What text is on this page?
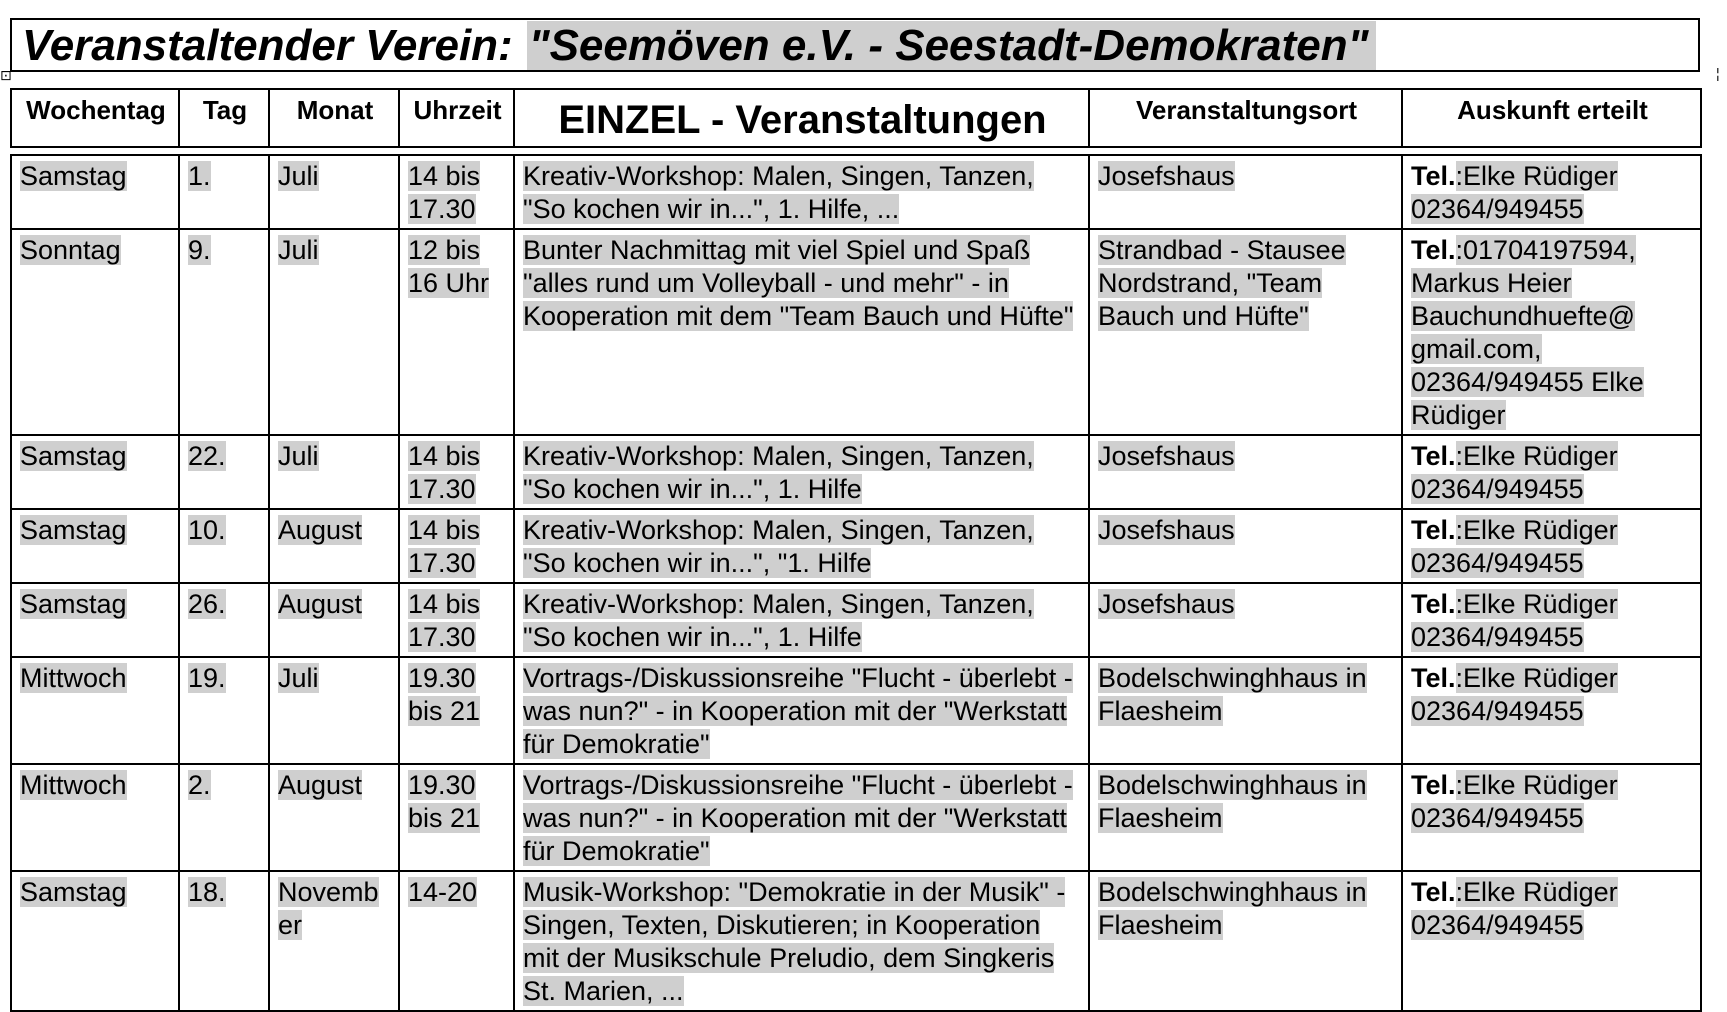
⊡	¦
Veranstaltender Verein: "Seemöven e.V. - Seestadt-Demokraten"
Wochentag	Tag	Monat	Uhrzeit	EINZEL - Veranstaltungen	Veranstaltungsort	Auskunft erteilt

Samstag	1.	Juli	14 bis 17.30	Kreativ-Workshop: Malen, Singen, Tanzen, "So kochen wir in...", 1. Hilfe, ...	Josefshaus	Tel.:Elke Rüdiger 02364/949455
Sonntag	9.	Juli	12 bis 16 Uhr	Bunter Nachmittag mit viel Spiel und Spaß "alles rund um Volleyball - und mehr" - in Kooperation mit dem "Team Bauch und Hüfte"	Strandbad - Stausee Nordstrand, "Team Bauch und Hüfte"	Tel.:01704197594, Markus Heier Bauchundhuefte@ gmail.com, 02364/949455 Elke Rüdiger
Samstag	22.	Juli	14 bis 17.30	Kreativ-Workshop: Malen, Singen, Tanzen, "So kochen wir in...", 1. Hilfe	Josefshaus	Tel.:Elke Rüdiger 02364/949455
Samstag	10.	August	14 bis 17.30	Kreativ-Workshop: Malen, Singen, Tanzen, "So kochen wir in...", "1. Hilfe	Josefshaus	Tel.:Elke Rüdiger 02364/949455
Samstag	26.	August	14 bis 17.30	Kreativ-Workshop: Malen, Singen, Tanzen, "So kochen wir in...", 1. Hilfe	Josefshaus	Tel.:Elke Rüdiger 02364/949455
Mittwoch	19.	Juli	19.30 bis 21	Vortrags-/Diskussionsreihe "Flucht - überlebt - was nun?" - in Kooperation mit der "Werkstatt für Demokratie"	Bodelschwinghhaus in Flaesheim	Tel.:Elke Rüdiger 02364/949455
Mittwoch	2.	August	19.30 bis 21	Vortrags-/Diskussionsreihe "Flucht - überlebt - was nun?" - in Kooperation mit der "Werkstatt für Demokratie"	Bodelschwinghhaus in Flaesheim	Tel.:Elke Rüdiger 02364/949455
Samstag	18.	Novemb er	14-20	Musik-Workshop: "Demokratie in der Musik" - Singen, Texten, Diskutieren; in Kooperation mit der Musikschule Preludio, dem Singkeris St. Marien, ...	Bodelschwinghhaus in Flaesheim	Tel.:Elke Rüdiger 02364/949455
